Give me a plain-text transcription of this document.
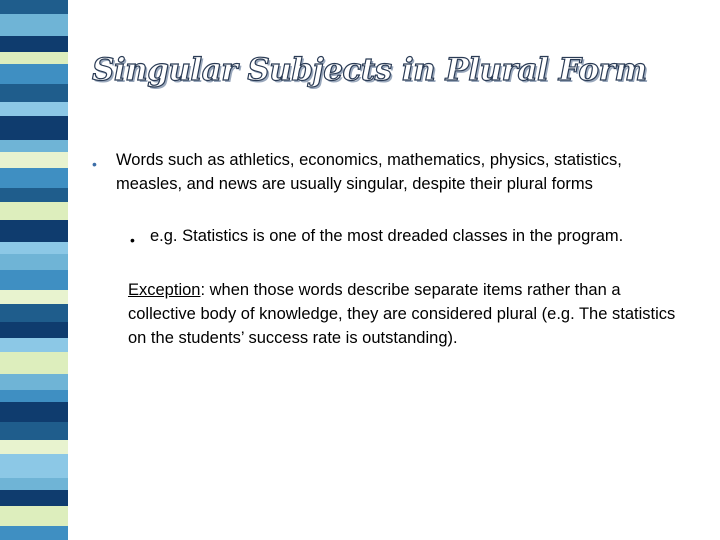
Singular Subjects in Plural Form
• Words such as athletics, economics, mathematics, physics, statistics, measles, and news are usually singular, despite their plural forms

• e.g. Statistics is one of the most dreaded classes in the program.

Exception: when those words describe separate items rather than a collective body of knowledge, they are considered plural (e.g. The statistics on the students’ success rate is outstanding).
